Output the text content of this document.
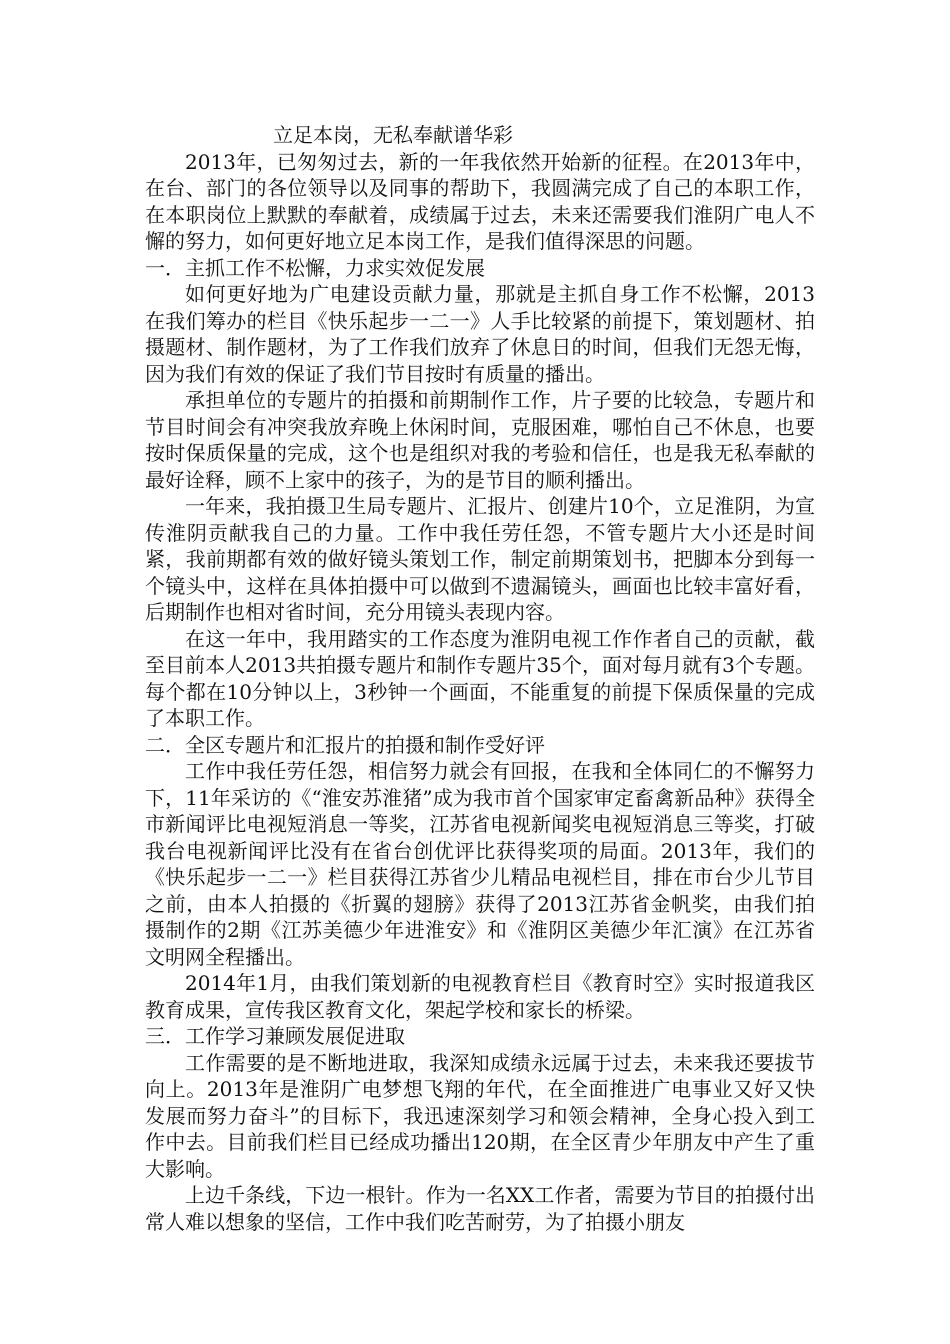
立足本岗，无私奉献谱华彩

2013年，已匆匆过去，新的一年我依然开始新的征程。在2013年中，在台、部门的各位领导以及同事的帮助下，我圆满完成了自己的本职工作，在本职岗位上默默的奉献着，成绩属于过去，未来还需要我们淮阴广电人不懈的努力，如何更好地立足本岗工作，是我们值得深思的问题。

一．主抓工作不松懈，力求实效促发展

如何更好地为广电建设贡献力量，那就是主抓自身工作不松懈，2013在我们筹办的栏目《快乐起步一二一》人手比较紧的前提下，策划题材、拍摄题材、制作题材，为了工作我们放弃了休息日的时间，但我们无怨无悔，因为我们有效的保证了我们节目按时有质量的播出。

承担单位的专题片的拍摄和前期制作工作，片子要的比较急，专题片和节目时间会有冲突我放弃晚上休闲时间，克服困难，哪怕自己不休息，也要按时保质保量的完成，这个也是组织对我的考验和信任，也是我无私奉献的最好诠释，顾不上家中的孩子，为的是节目的顺利播出。

一年来，我拍摄卫生局专题片、汇报片、创建片10个，立足淮阴，为宣传淮阴贡献我自己的力量。工作中我任劳任怨，不管专题片大小还是时间紧，我前期都有效的做好镜头策划工作，制定前期策划书，把脚本分到每一个镜头中，这样在具体拍摄中可以做到不遗漏镜头，画面也比较丰富好看，后期制作也相对省时间，充分用镜头表现内容。

在这一年中，我用踏实的工作态度为淮阴电视工作作者自己的贡献，截至目前本人2013共拍摄专题片和制作专题片35个，面对每月就有3个专题。每个都在10分钟以上，3秒钟一个画面，不能重复的前提下保质保量的完成了本职工作。

二．全区专题片和汇报片的拍摄和制作受好评

工作中我任劳任怨，相信努力就会有回报，在我和全体同仁的不懈努力下，11年采访的《“淮安苏淮猪”成为我市首个国家审定畜禽新品种》获得全市新闻评比电视短消息一等奖，江苏省电视新闻奖电视短消息三等奖，打破我台电视新闻评比没有在省台创优评比获得奖项的局面。2013年，我们的《快乐起步一二一》栏目获得江苏省少儿精品电视栏目，排在市台少儿节目之前，由本人拍摄的《折翼的翅膀》获得了2013江苏省金帆奖，由我们拍摄制作的2期《江苏美德少年进淮安》和《淮阴区美德少年汇演》在江苏省文明网全程播出。

2014年1月，由我们策划新的电视教育栏目《教育时空》实时报道我区教育成果，宣传我区教育文化，架起学校和家长的桥梁。

三．工作学习兼顾发展促进取

工作需要的是不断地进取，我深知成绩永远属于过去，未来我还要拔节向上。2013年是淮阴广电梦想飞翔的年代，在全面推进广电事业又好又快发展而努力奋斗”的目标下，我迅速深刻学习和领会精神，全身心投入到工作中去。目前我们栏目已经成功播出120期，在全区青少年朋友中产生了重大影响。

上边千条线，下边一根针。作为一名XX工作者，需要为节目的拍摄付出常人难以想象的坚信，工作中我们吃苦耐劳，为了拍摄小朋友
